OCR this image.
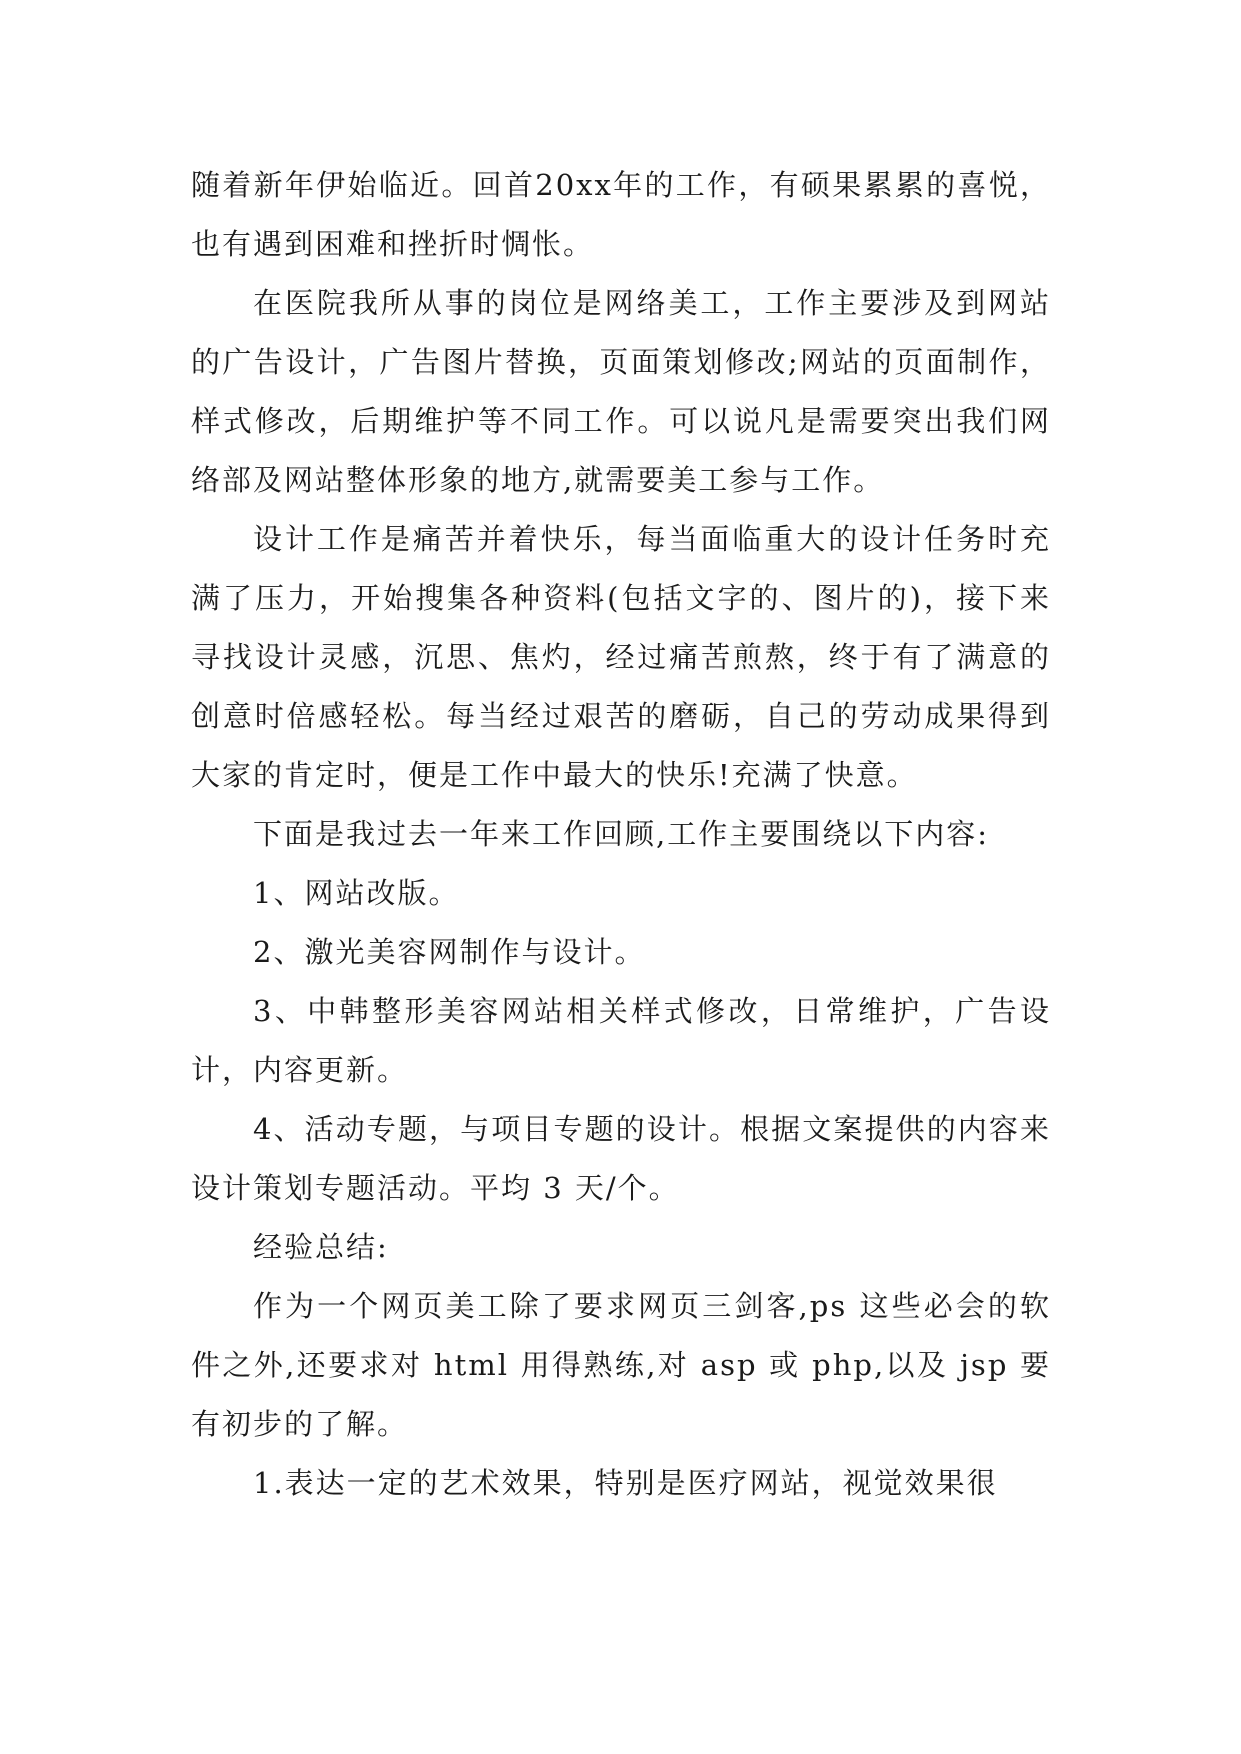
随着新年伊始临近。回首20xx年的工作，有硕果累累的喜悦，也有遇到困难和挫折时惆怅。

在医院我所从事的岗位是网络美工，工作主要涉及到网站的广告设计，广告图片替换，页面策划修改;网站的页面制作，样式修改，后期维护等不同工作。可以说凡是需要突出我们网络部及网站整体形象的地方,就需要美工参与工作。

设计工作是痛苦并着快乐，每当面临重大的设计任务时充满了压力，开始搜集各种资料(包括文字的、图片的)，接下来寻找设计灵感，沉思、焦灼，经过痛苦煎熬，终于有了满意的创意时倍感轻松。每当经过艰苦的磨砺，自己的劳动成果得到大家的肯定时，便是工作中最大的快乐!充满了快意。

下面是我过去一年来工作回顾,工作主要围绕以下内容:

1、网站改版。

2、激光美容网制作与设计。

3、中韩整形美容网站相关样式修改，日常维护，广告设计，内容更新。

4、活动专题，与项目专题的设计。根据文案提供的内容来设计策划专题活动。平均 3 天/个。

经验总结:

作为一个网页美工除了要求网页三剑客,ps 这些必会的软件之外,还要求对 html 用得熟练,对 asp 或 php,以及 jsp 要有初步的了解。

1.表达一定的艺术效果，特别是医疗网站，视觉效果很
